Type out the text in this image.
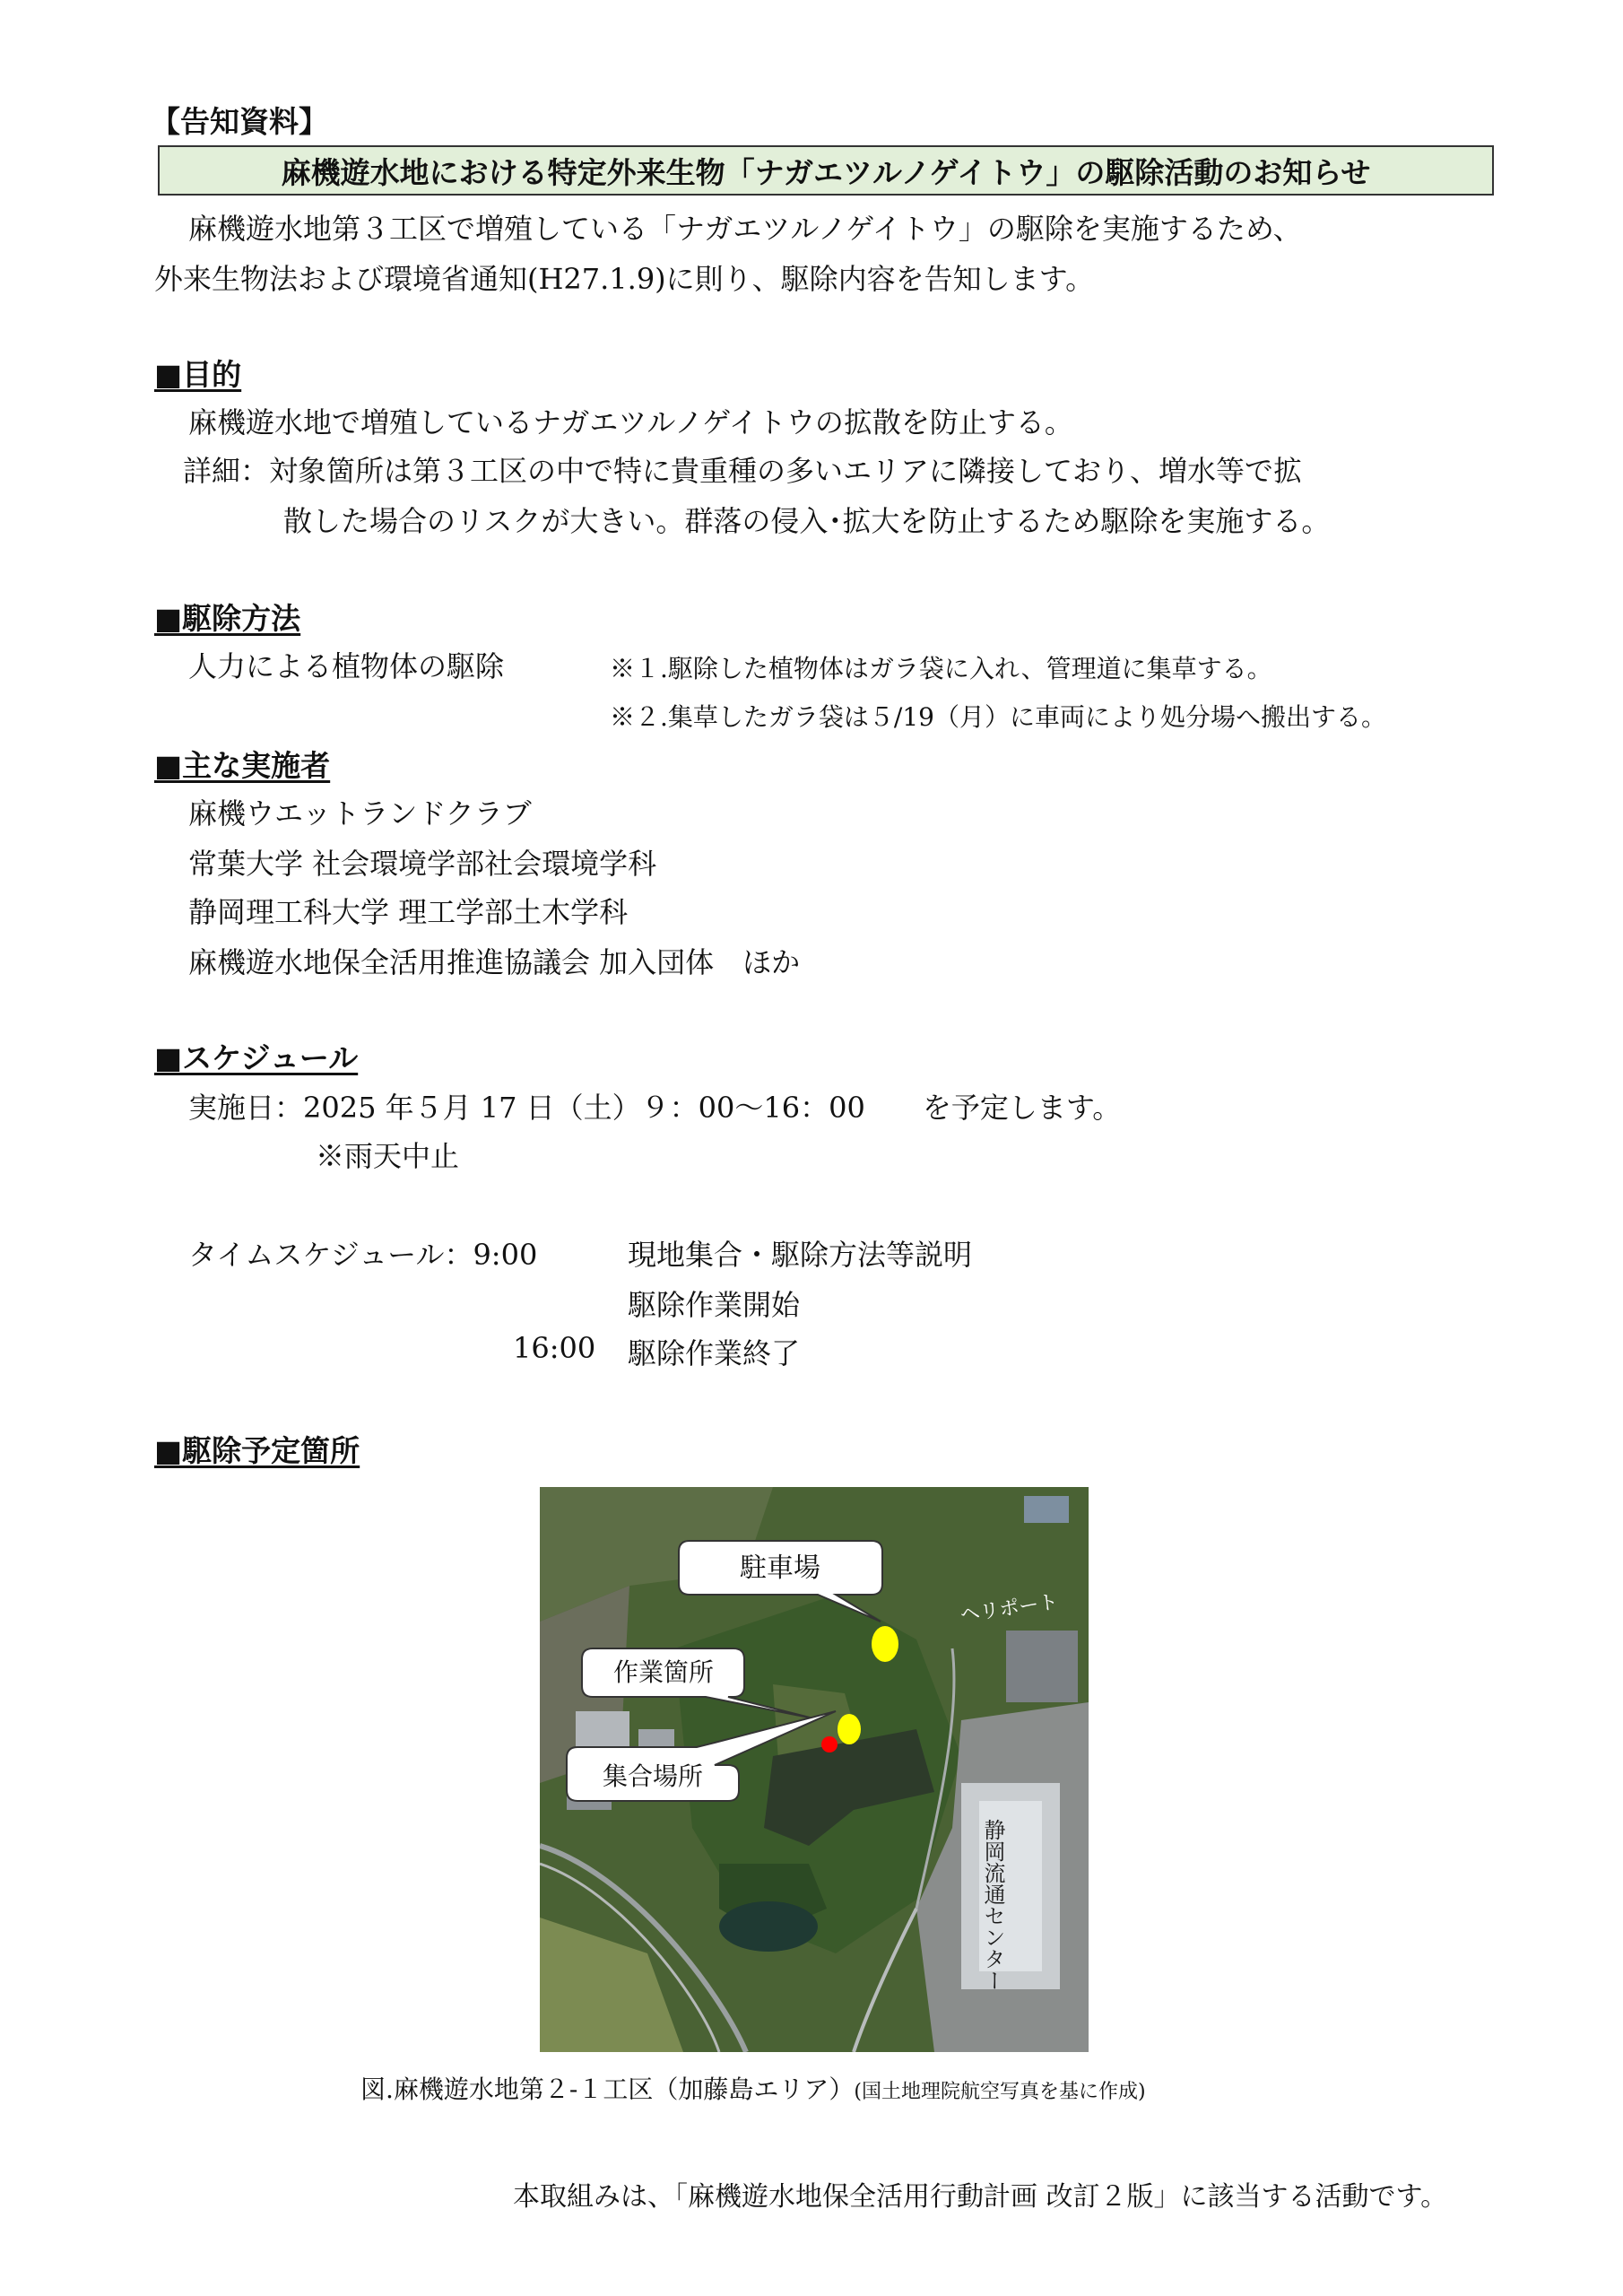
【告知資料】
麻機遊水地における特定外来生物「ナガエツルノゲイトウ」の駆除活動のお知らせ
麻機遊水地第３工区で増殖している「ナガエツルノゲイトウ」の駆除を実施するため、
外来生物法および環境省通知(H27.1.9)に則り、駆除内容を告知します。
■目的
麻機遊水地で増殖しているナガエツルノゲイトウの拡散を防止する。
詳細：対象箇所は第３工区の中で特に貴重種の多いエリアに隣接しており、増水等で拡
散した場合のリスクが大きい。群落の侵入･拡大を防止するため駆除を実施する。
■駆除方法
人力による植物体の駆除	※１.駆除した植物体はガラ袋に入れ、管理道に集草する。
※２.集草したガラ袋は５/19（月）に車両により処分場へ搬出する。
■主な実施者
麻機ウエットランドクラブ
常葉大学 社会環境学部社会環境学科
静岡理工科大学 理工学部土木学科
麻機遊水地保全活用推進協議会 加入団体　ほか
■スケジュール
実施日：2025 年５月 17 日（土）９：00～16：00　　を予定します。
※雨天中止
タイムスケジュール：9:00	現地集合・駆除方法等説明
駆除作業開始
16:00 駆除作業終了
■駆除予定箇所
駐車場
作業箇所
集合場所
ヘリポート
静岡流通センター
図.麻機遊水地第２-１工区（加藤島エリア）(国土地理院航空写真を基に作成)
本取組みは、「麻機遊水地保全活用行動計画 改訂２版」に該当する活動です。
